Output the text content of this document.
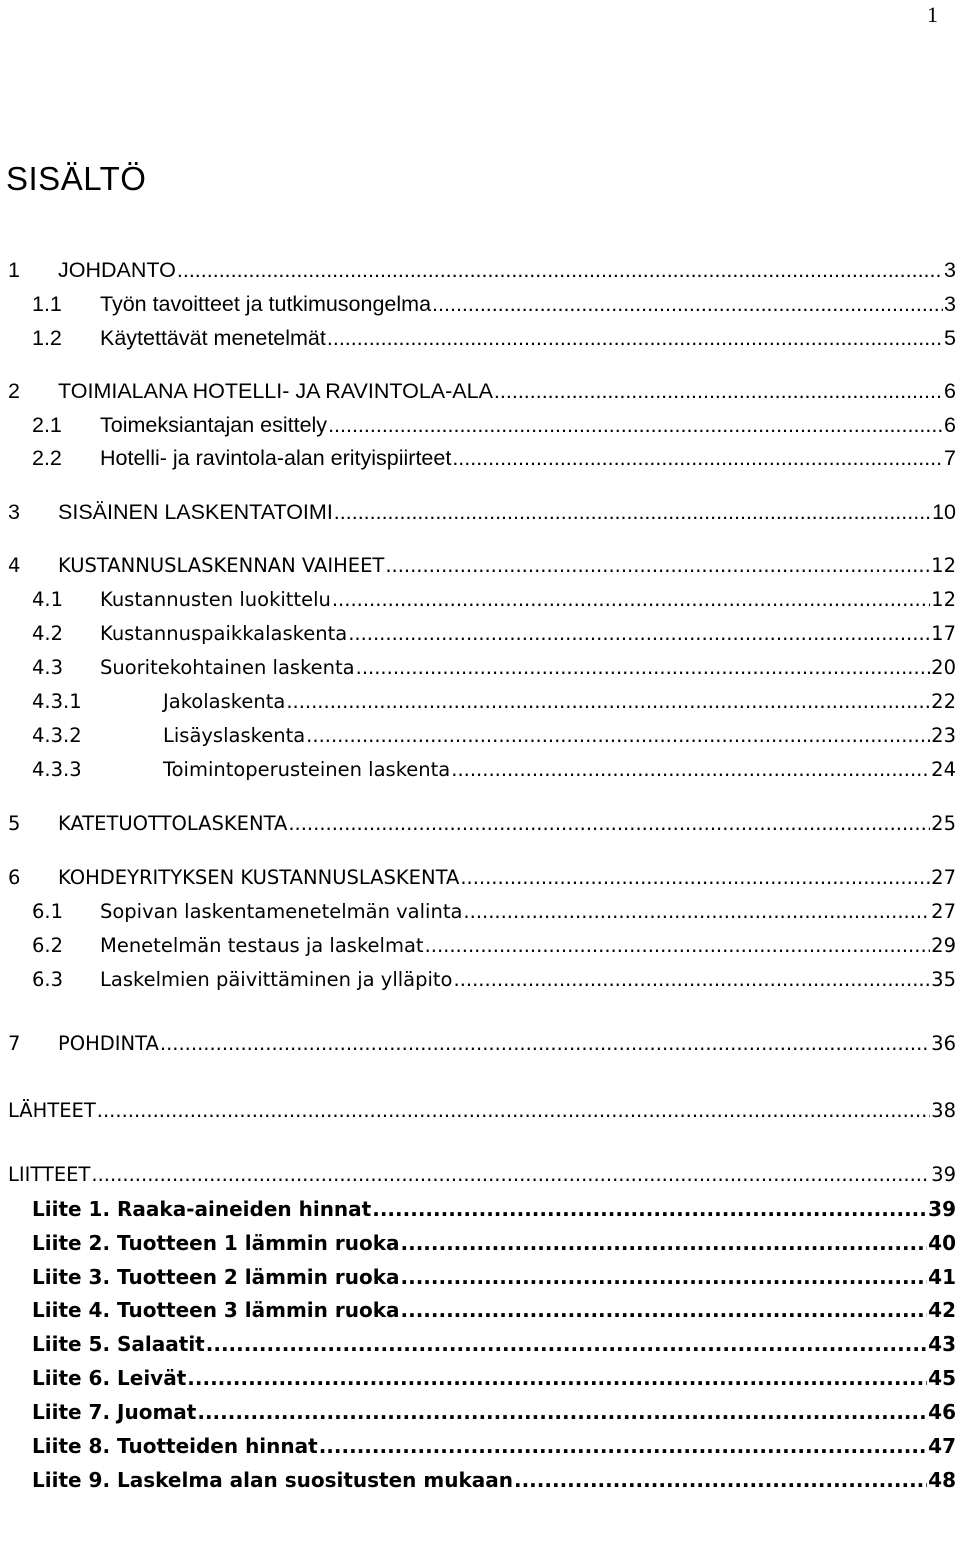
1
SISÄLTÖ
1	JOHDANTO .....	3
1.1	Työn tavoitteet ja tutkimusongelma .....	3
1.2	Käytettävät menetelmät .....	5
2	TOIMIALANA HOTELLI- JA RAVINTOLA-ALA .....	6
2.1	Toimeksiantajan esittely .....	6
2.2	Hotelli- ja ravintola-alan erityispiirteet .....	7
3	SISÄINEN LASKENTATOIMI .....	10
4	KUSTANNUSLASKENNAN VAIHEET .....	12
4.1	Kustannusten luokittelu .....	12
4.2	Kustannuspaikkalaskenta .....	17
4.3	Suoritekohtainen laskenta .....	20
4.3.1	Jakolaskenta .....	22
4.3.2	Lisäyslaskenta .....	23
4.3.3	Toimintoperusteinen laskenta .....	24
5	KATETUOTTOLASKENTA .....	25
6	KOHDEYRITYKSEN KUSTANNUSLASKENTA .....	27
6.1	Sopivan laskentamenetelmän valinta .....	27
6.2	Menetelmän testaus ja laskelmat .....	29
6.3	Laskelmien päivittäminen ja ylläpito .....	35
7	POHDINTA .....	36
LÄHTEET .....	38
LIITTEET .....	39
Liite 1. Raaka-aineiden hinnat .....	39
Liite 2. Tuotteen 1 lämmin ruoka .....	40
Liite 3. Tuotteen 2 lämmin ruoka .....	41
Liite 4. Tuotteen 3 lämmin ruoka .....	42
Liite 5. Salaatit .....	43
Liite 6. Leivät .....	45
Liite 7. Juomat .....	46
Liite 8. Tuotteiden hinnat .....	47
Liite 9. Laskelma alan suositusten mukaan .....	48
